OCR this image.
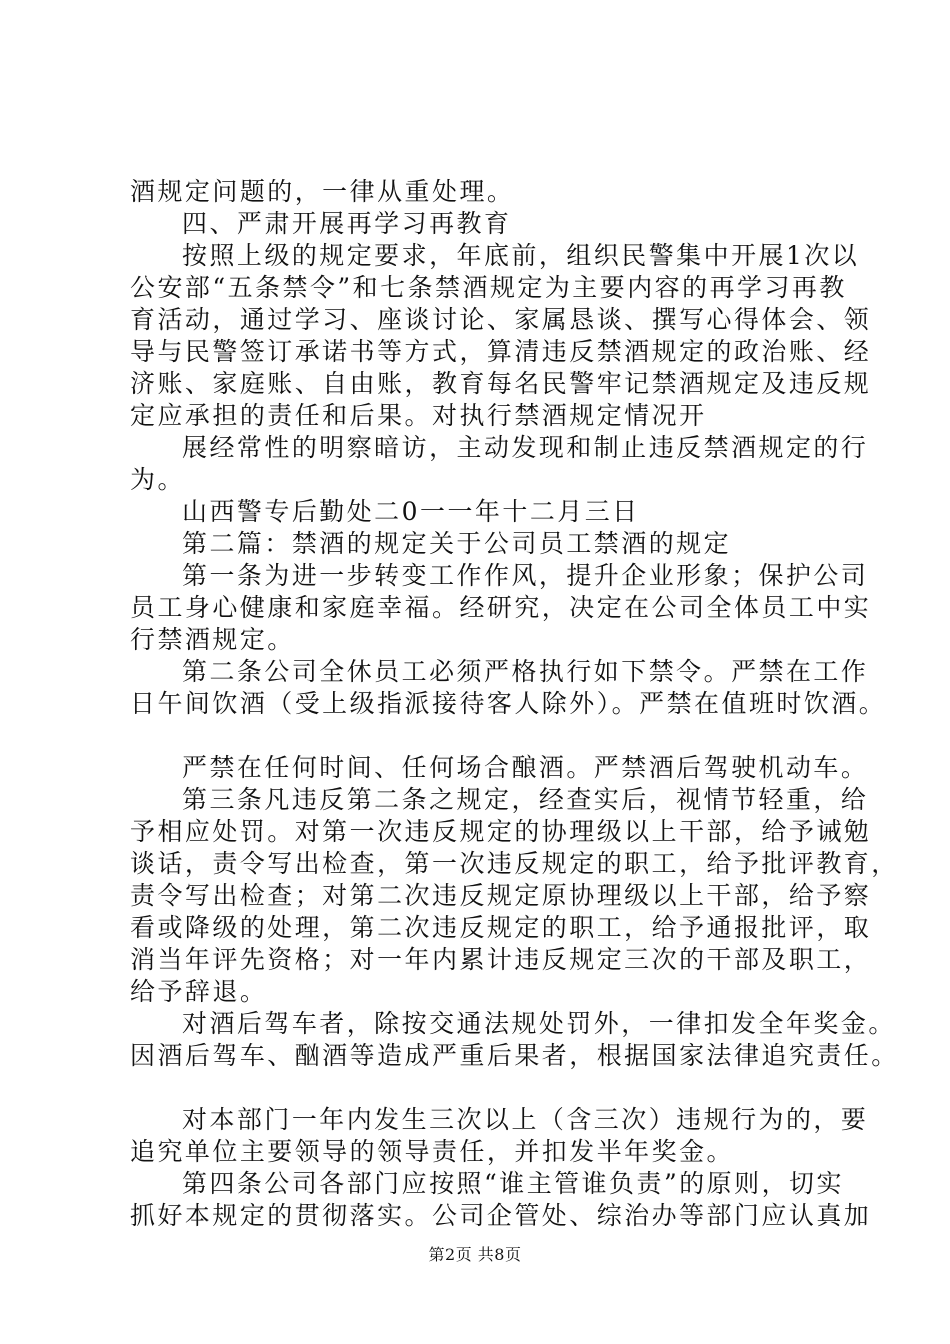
酒规定问题的，一律从重处理。
四、严肃开展再学习再教育
按照上级的规定要求，年底前，组织民警集中开展1次以
公安部“五条禁令”和七条禁酒规定为主要内容的再学习再教
育活动，通过学习、座谈讨论、家属恳谈、撰写心得体会、领
导与民警签订承诺书等方式，算清违反禁酒规定的政治账、经
济账、家庭账、自由账，教育每名民警牢记禁酒规定及违反规
定应承担的责任和后果。对执行禁酒规定情况开
展经常性的明察暗访，主动发现和制止违反禁酒规定的行
为。
山西警专后勤处二0一一年十二月三日
第二篇：禁酒的规定关于公司员工禁酒的规定
第一条为进一步转变工作作风，提升企业形象；保护公司
员工身心健康和家庭幸福。经研究，决定在公司全体员工中实
行禁酒规定。
第二条公司全休员工必须严格执行如下禁令。严禁在工作
日午间饮酒（受上级指派接待客人除外）。严禁在值班时饮酒。
严禁在任何时间、任何场合酿酒。严禁酒后驾驶机动车。
第三条凡违反第二条之规定，经查实后，视情节轻重，给
予相应处罚。对第一次违反规定的协理级以上干部，给予诫勉
谈话，责令写出检查，第一次违反规定的职工，给予批评教育，
责令写出检查；对第二次违反规定原协理级以上干部，给予察
看或降级的处理，第二次违反规定的职工，给予通报批评，取
消当年评先资格；对一年内累计违反规定三次的干部及职工，
给予辞退。
对酒后驾车者，除按交通法规处罚外，一律扣发全年奖金。
因酒后驾车、酗酒等造成严重后果者，根据国家法律追究责任。
对本部门一年内发生三次以上（含三次）违规行为的，要
追究单位主要领导的领导责任，并扣发半年奖金。
第2页 共8页
第四条公司各部门应按照“谁主管谁负责”的原则，切实
抓好本规定的贯彻落实。公司企管处、综治办等部门应认真加
